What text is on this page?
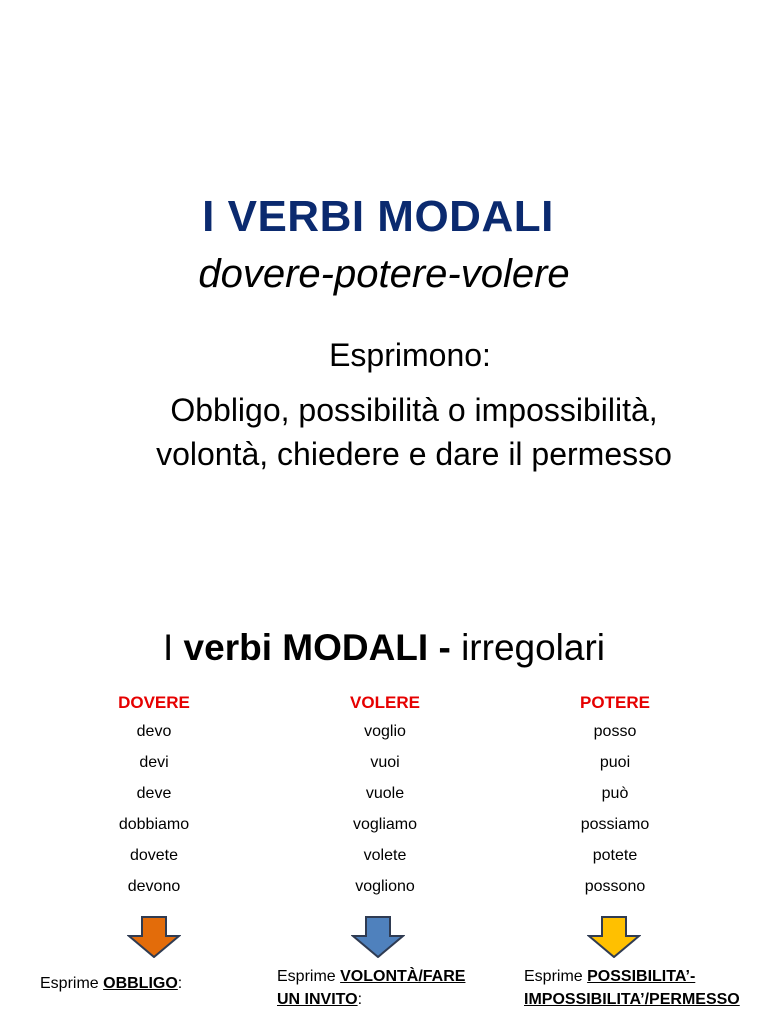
I VERBI MODALI
dovere-potere-volere
Esprimono:
Obbligo, possibilità o impossibilità,
volontà, chiedere e dare il permesso
I verbi MODALI - irregolari
DOVERE
devo
devi
deve
dobbiamo
dovete
devono
VOLERE
voglio
vuoi
vuole
vogliamo
volete
vogliono
POTERE
posso
puoi
può
possiamo
potete
possono
Esprime OBBLIGO:	Esprime VOLONTÀ/FARE UN INVITO:
Esprime POSSIBILITA’-IMPOSSIBILITA’/PERMESSO
